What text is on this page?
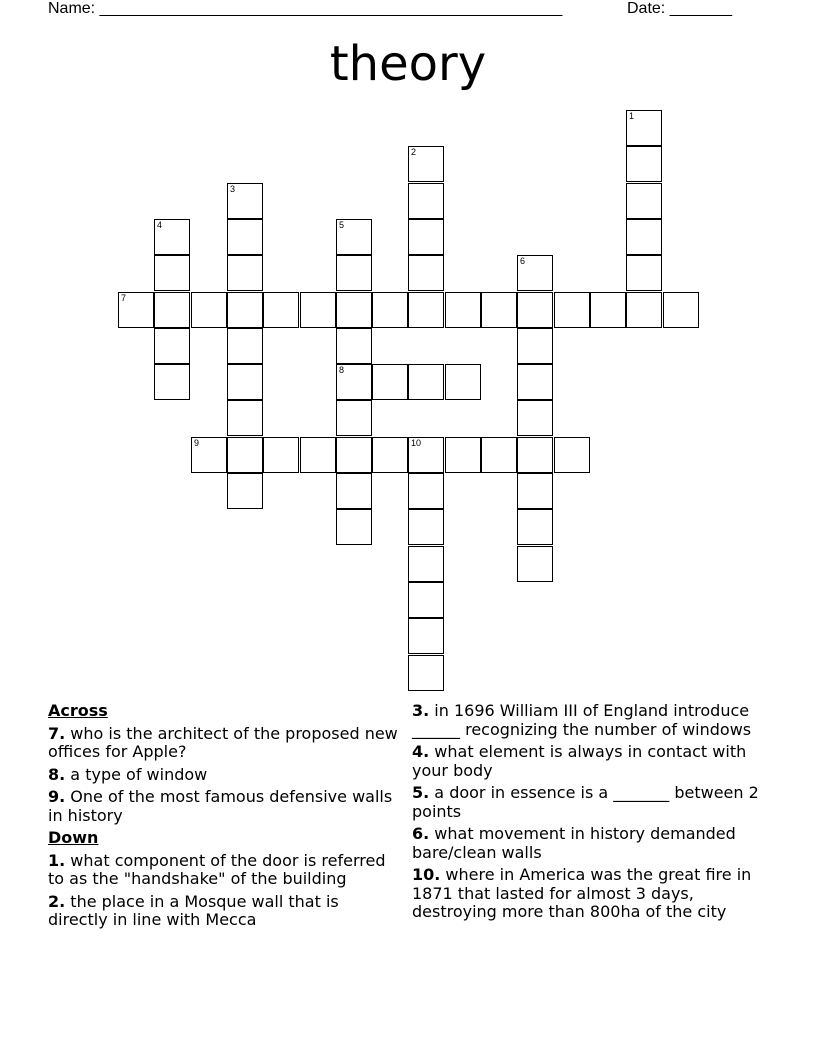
Name: ____________________________________________________	Date: _______
theory
1
2
3
4	5
6
7
8
9	10
Across
7. who is the architect of the proposed new offices for Apple?
8. a type of window
9. One of the most famous defensive walls in history
Down
1. what component of the door is referred to as the "handshake" of the building
2. the place in a Mosque wall that is directly in line with Mecca
3. in 1696 William III of England introduce ______ recognizing the number of windows
4. what element is always in contact with your body
5. a door in essence is a _______ between 2 points
6. what movement in history demanded bare/clean walls
10. where in America was the great fire in 1871 that lasted for almost 3 days, destroying more than 800ha of the city
